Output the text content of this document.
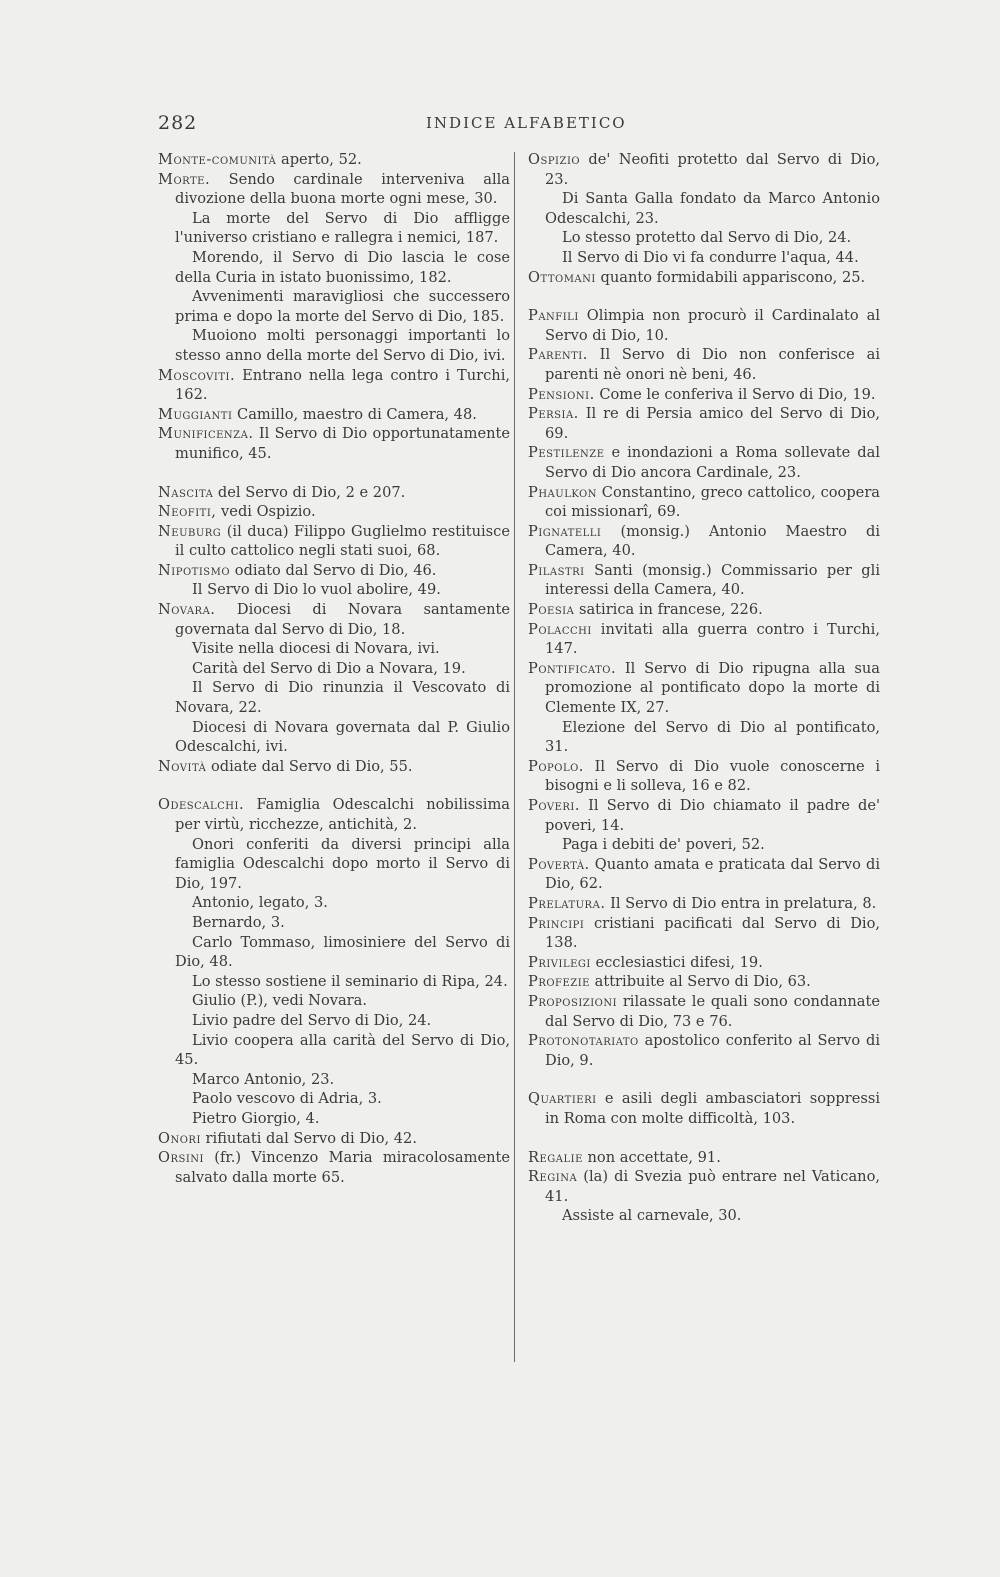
282	INDICE ALFABETICO
Monte-comunità aperto, 52.
Morte. Sendo cardinale interveniva alla divozione della buona morte ogni mese, 30.
La morte del Servo di Dio affligge l'universo cristiano e rallegra i nemici, 187.
Morendo, il Servo di Dio lascia le cose della Curia in istato buonissimo, 182.
Avvenimenti maravigliosi che successero prima e dopo la morte del Servo di Dio, 185.
Muoiono molti personaggi importanti lo stesso anno della morte del Servo di Dio, ivi.
Moscoviti. Entrano nella lega contro i Turchi, 162.
Muggianti Camillo, maestro di Camera, 48.
Munificenza. Il Servo di Dio opportunatamente munifico, 45.
Nascita del Servo di Dio, 2 e 207.
Neofiti, vedi Ospizio.
Neuburg (il duca) Filippo Guglielmo restituisce il culto cattolico negli stati suoi, 68.
Nipotismo odiato dal Servo di Dio, 46.
Il Servo di Dio lo vuol abolire, 49.
Novara. Diocesi di Novara santamente governata dal Servo di Dio, 18.
Visite nella diocesi di Novara, ivi.
Carità del Servo di Dio a Novara, 19.
Il Servo di Dio rinunzia il Vescovato di Novara, 22.
Diocesi di Novara governata dal P. Giulio Odescalchi, ivi.
Novità odiate dal Servo di Dio, 55.
Odescalchi. Famiglia Odescalchi nobilissima per virtù, ricchezze, antichità, 2.
Onori conferiti da diversi principi alla famiglia Odescalchi dopo morto il Servo di Dio, 197.
Antonio, legato, 3.
Bernardo, 3.
Carlo Tommaso, limosiniere del Servo di Dio, 48.
Lo stesso sostiene il seminario di Ripa, 24.
Giulio (P.), vedi Novara.
Livio padre del Servo di Dio, 24.
Livio coopera alla carità del Servo di Dio, 45.
Marco Antonio, 23.
Paolo vescovo di Adria, 3.
Pietro Giorgio, 4.
Onori rifiutati dal Servo di Dio, 42.
Orsini (fr.) Vincenzo Maria miracolosamente salvato dalla morte 65.
Ospizio de' Neofiti protetto dal Servo di Dio, 23.
Di Santa Galla fondato da Marco Antonio Odescalchi, 23.
Lo stesso protetto dal Servo di Dio, 24.
Il Servo di Dio vi fa condurre l'aqua, 44.
Ottomani quanto formidabili appariscono, 25.
Panfili Olimpia non procurò il Cardinalato al Servo di Dio, 10.
Parenti. Il Servo di Dio non conferisce ai parenti nè onori nè beni, 46.
Pensioni. Come le conferiva il Servo di Dio, 19.
Persia. Il re di Persia amico del Servo di Dio, 69.
Pestilenze e inondazioni a Roma sollevate dal Servo di Dio ancora Cardinale, 23.
Phaulkon Constantino, greco cattolico, coopera coi missionarî, 69.
Pignatelli (monsig.) Antonio Maestro di Camera, 40.
Pilastri Santi (monsig.) Commissario per gli interessi della Camera, 40.
Poesia satirica in francese, 226.
Polacchi invitati alla guerra contro i Turchi, 147.
Pontificato. Il Servo di Dio ripugna alla sua promozione al pontificato dopo la morte di Clemente IX, 27.
Elezione del Servo di Dio al pontificato, 31.
Popolo. Il Servo di Dio vuole conoscerne i bisogni e li solleva, 16 e 82.
Poveri. Il Servo di Dio chiamato il padre de' poveri, 14.
Paga i debiti de' poveri, 52.
Povertà. Quanto amata e praticata dal Servo di Dio, 62.
Prelatura. Il Servo di Dio entra in prelatura, 8.
Principi cristiani pacificati dal Servo di Dio, 138.
Privilegi ecclesiastici difesi, 19.
Profezie attribuite al Servo di Dio, 63.
Proposizioni rilassate le quali sono condannate dal Servo di Dio, 73 e 76.
Protonotariato apostolico conferito al Servo di Dio, 9.
Quartieri e asili degli ambasciatori soppressi in Roma con molte difficoltà, 103.
Regalie non accettate, 91.
Regina (la) di Svezia può entrare nel Vaticano, 41.
Assiste al carnevale, 30.
